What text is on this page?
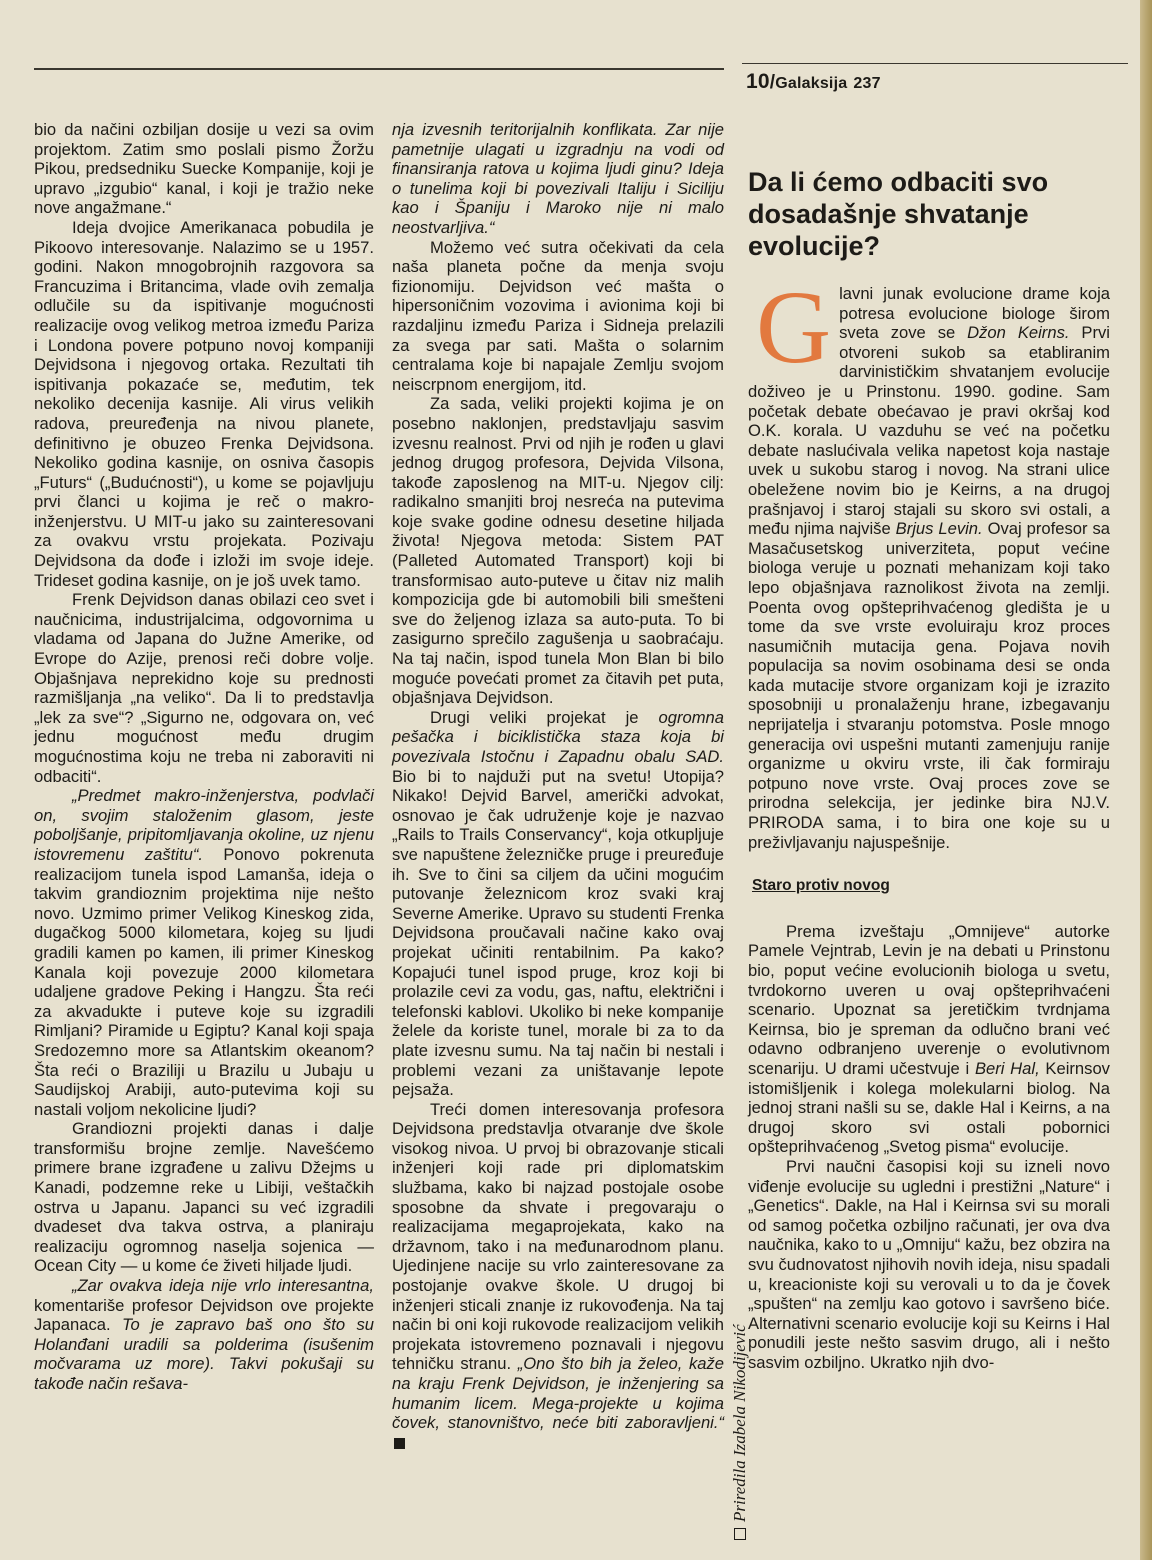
10/Galaksija 237

bio da načini ozbiljan dosije u vezi sa ovim projektom. Zatim smo poslali pismo Žoržu Pikou, predsedniku Suecke Kompanije, koji je upravo „izgubio“ kanal, i koji je tražio neke nove angažmane.“

Ideja dvojice Amerikanaca pobudila je Pikoovo interesovanje. Nalazimo se u 1957. godini. Nakon mnogobrojnih razgovora sa Francuzima i Britancima, vlade ovih zemalja odlučile su da ispitivanje mogućnosti realizacije ovog velikog metroa između Pariza i Londona povere potpuno novoj kompaniji Dejvidsona i njegovog ortaka. Rezultati tih ispitivanja pokazaće se, međutim, tek nekoliko decenija kasnije. Ali virus velikih radova, preuređenja na nivou planete, definitivno je obuzeo Frenka Dejvidsona. Nekoliko godina kasnije, on osniva časopis „Futurs“ („Budućnosti“), u kome se pojavljuju prvi članci u kojima je reč o makro-inženjerstvu. U MIT-u jako su zainteresovani za ovakvu vrstu projekata. Pozivaju Dejvidsona da dođe i izloži im svoje ideje. Trideset godina kasnije, on je još uvek tamo.

Frenk Dejvidson danas obilazi ceo svet i naučnicima, industrijalcima, odgovornima u vladama od Japana do Južne Amerike, od Evrope do Azije, prenosi reči dobre volje. Objašnjava neprekidno koje su prednosti razmišljanja „na veliko“. Da li to predstavlja „lek za sve“? „Sigurno ne, odgovara on, već jednu mogućnost među drugim mogućnostima koju ne treba ni zaboraviti ni odbaciti“.

„Predmet makro-inženjerstva, podvlači on, svojim staloženim glasom, jeste poboljšanje, pripitomljavanja okoline, uz njenu istovremenu zaštitu“. Ponovo pokrenuta realizacijom tunela ispod Lamanša, ideja o takvim grandioznim projektima nije nešto novo. Uzmimo primer Velikog Kineskog zida, dugačkog 5000 kilometara, kojeg su ljudi gradili kamen po kamen, ili primer Kineskog Kanala koji povezuje 2000 kilometara udaljene gradove Peking i Hangzu. Šta reći za akvadukte i puteve koje su izgradili Rimljani? Piramide u Egiptu? Kanal koji spaja Sredozemno more sa Atlantskim okeanom? Šta reći o Braziliji u Brazilu u Jubaju u Saudijskoj Arabiji, auto-putevima koji su nastali voljom nekolicine ljudi?

Grandiozni projekti danas i dalje transformišu brojne zemlje. Navešćemo primere brane izgrađene u zalivu Džejms u Kanadi, podzemne reke u Libiji, veštačkih ostrva u Japanu. Japanci su već izgradili dvadeset dva takva ostrva, a planiraju realizaciju ogromnog naselja sojenica — Ocean City — u kome će živeti hiljade ljudi.

„Zar ovakva ideja nije vrlo interesantna, komentariše profesor Dejvidson ove projekte Japanaca. To je zapravo baš ono što su Holanđani uradili sa polderima (isušenim močvarama uz more). Takvi pokušaji su takođe način rešava-

nja izvesnih teritorijalnih konflikata. Zar nije pametnije ulagati u izgradnju na vodi od finansiranja ratova u kojima ljudi ginu? Ideja o tunelima koji bi povezivali Italiju i Siciliju kao i Španiju i Maroko nije ni malo neostvarljiva.“

Možemo već sutra očekivati da cela naša planeta počne da menja svoju fizionomiju. Dejvidson već mašta o hipersoničnim vozovima i avionima koji bi razdaljinu između Pariza i Sidneja prelazili za svega par sati. Mašta o solarnim centralama koje bi napajale Zemlju svojom neiscrpnom energijom, itd.

Za sada, veliki projekti kojima je on posebno naklonjen, predstavljaju sasvim izvesnu realnost. Prvi od njih je rođen u glavi jednog drugog profesora, Dejvida Vilsona, takođe zaposlenog na MIT-u. Njegov cilj: radikalno smanjiti broj nesreća na putevima koje svake godine odnesu desetine hiljada života! Njegova metoda: Sistem PAT (Palleted Automated Transport) koji bi transformisao auto-puteve u čitav niz malih kompozicija gde bi automobili bili smešteni sve do željenog izlaza sa auto-puta. To bi zasigurno sprečilo zagušenja u saobraćaju. Na taj način, ispod tunela Mon Blan bi bilo moguće povećati promet za čitavih pet puta, objašnjava Dejvidson.

Drugi veliki projekat je ogromna pešačka i biciklistička staza koja bi povezivala Istočnu i Zapadnu obalu SAD. Bio bi to najduži put na svetu! Utopija? Nikako! Dejvid Barvel, američki advokat, osnovao je čak udruženje koje je nazvao „Rails to Trails Conservancy“, koja otkupljuje sve napuštene železničke pruge i preuređuje ih. Sve to čini sa ciljem da učini mogućim putovanje železnicom kroz svaki kraj Severne Amerike. Upravo su studenti Frenka Dejvidsona proučavali načine kako ovaj projekat učiniti rentabilnim. Pa kako? Kopajući tunel ispod pruge, kroz koji bi prolazile cevi za vodu, gas, naftu, električni i telefonski kablovi. Ukoliko bi neke kompanije želele da koriste tunel, morale bi za to da plate izvesnu sumu. Na taj način bi nestali i problemi vezani za uništavanje lepote pejsaža.

Treći domen interesovanja profesora Dejvidsona predstavlja otvaranje dve škole visokog nivoa. U prvoj bi obrazovanje sticali inženjeri koji rade pri diplomatskim službama, kako bi najzad postojale osobe sposobne da shvate i pregovaraju o realizacijama megaprojekata, kako na državnom, tako i na međunarodnom planu. Ujedinjene nacije su vrlo zainteresovane za postojanje ovakve škole. U drugoj bi inženjeri sticali znanje iz rukovođenja. Na taj način bi oni koji rukovode realizacijom velikih projekata istovremeno poznavali i njegovu tehničku stranu. „Ono što bih ja želeo, kaže na kraju Frenk Dejvidson, je inženjering sa humanim licem. Mega-projekte u kojima čovek, stanovništvo, neće biti zaboravljeni.“ Priredila Izabela Nikodijević
Da li ćemo odbaciti svo dosadašnje shvatanje evolucije?

Glavni junak evolucione drame koja potresa evolucione biologe širom sveta zove se Džon Keirns. Prvi otvoreni sukob sa etabliranim darvinističkim shvatanjem evolucije doživeo je u Prinstonu. 1990. godine. Sam početak debate obećavao je pravi okršaj kod O.K. korala. U vazduhu se već na početku debate naslućivala velika napetost koja nastaje uvek u sukobu starog i novog. Na strani ulice obeležene novim bio je Keirns, a na drugoj prašnjavoj i staroj stajali su skoro svi ostali, a među njima najviše Brjus Levin. Ovaj profesor sa Masačusetskog univerziteta, poput većine biologa veruje u poznati mehanizam koji tako lepo objašnjava raznolikost života na zemlji. Poenta ovog opšteprihvaćenog gledišta je u tome da sve vrste evoluiraju kroz proces nasumičnih mutacija gena. Pojava novih populacija sa novim osobinama desi se onda kada mutacije stvore organizam koji je izrazito sposobniji u pronalaženju hrane, izbegavanju neprijatelja i stvaranju potomstva. Posle mnogo generacija ovi uspešni mutanti zamenjuju ranije organizme u okviru vrste, ili čak formiraju potpuno nove vrste. Ovaj proces zove se prirodna selekcija, jer jedinke bira NJ.V. PRIRODA sama, i to bira one koje su u preživljavanju najuspešnije.

Staro protiv novog

Prema izveštaju „Omnijeve“ autorke Pamele Vejntrab, Levin je na debati u Prinstonu bio, poput većine evolucionih biologa u svetu, tvrdokorno uveren u ovaj opšteprihvaćeni scenario. Upoznat sa jeretičkim tvrdnjama Keirnsa, bio je spreman da odlučno brani već odavno odbranjeno uverenje o evolutivnom scenariju. U drami učestvuje i Beri Hal, Keirnsov istomišljenik i kolega molekularni biolog. Na jednoj strani našli su se, dakle Hal i Keirns, a na drugoj skoro svi ostali pobornici opšteprihvaćenog „Svetog pisma“ evolucije.

Prvi naučni časopisi koji su izneli novo viđenje evolucije su ugledni i prestižni „Nature“ i „Genetics“. Dakle, na Hal i Keirnsa svi su morali od samog početka ozbiljno računati, jer ova dva naučnika, kako to u „Omniju“ kažu, bez obzira na svu čudnovatost njihovih novih ideja, nisu spadali u, kreacioniste koji su verovali u to da je čovek „spušten“ na zemlju kao gotovo i savršeno biće. Alternativni scenario evolucije koji su Keirns i Hal ponudili jeste nešto sasvim drugo, ali i nešto sasvim ozbiljno. Ukratko njih dvo-
